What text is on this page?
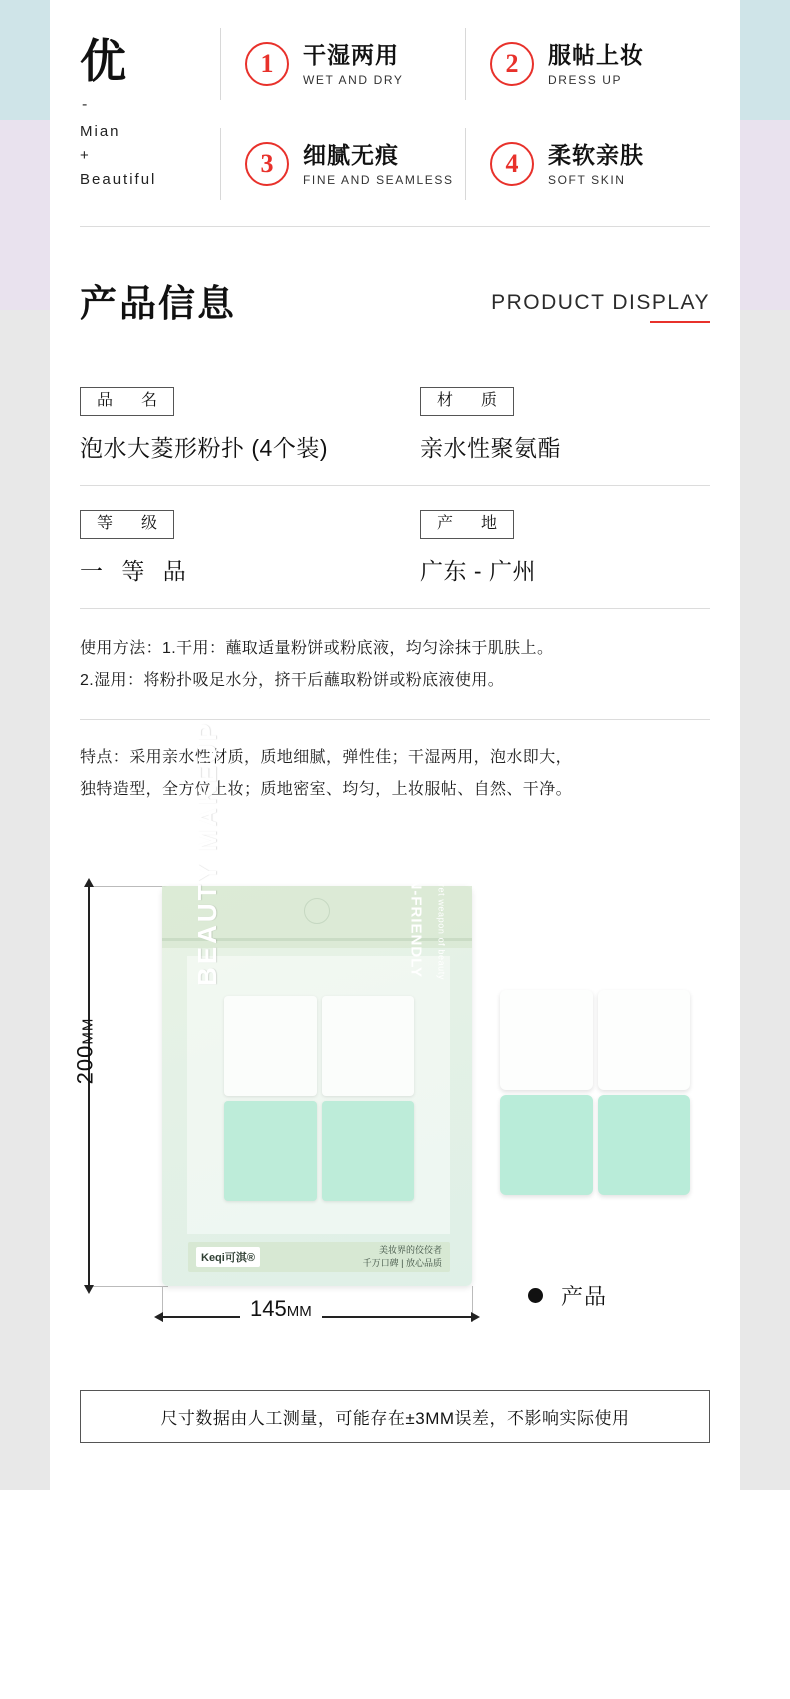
优
-
Mian
+
Beautiful
1	干湿两用
WET AND DRY
2	服帖上妆
DRESS UP
3	细腻无痕
FINE AND SEAMLESS
4	柔软亲肤
SOFT SKIN
产品信息	PRODUCT DISPLAY
品　名
泡水大菱形粉扑 (4个装)
材　质
亲水性聚氨酯
等　级
一 等 品
产　地
广东 - 广州
使用方法：1.干用：蘸取适量粉饼或粉底液，均匀涂抹于肌肤上。
2.湿用：将粉扑吸足水分，挤干后蘸取粉饼或粉底液使用。
特点：采用亲水性材质，质地细腻，弹性佳；干湿两用，泡水即大，
独特造型，全方位上妆；质地密室、均匀，上妆服帖、自然、干净。
200MM
BEAUTY MAKEUP	SKIN-FRIENDLY The secret weapon of beauty
Keqi可淇®
美妆界的佼佼者
千万口碑 | 放心品质
145MM
产品
尺寸数据由人工测量，可能存在±3MM误差，不影响实际使用
